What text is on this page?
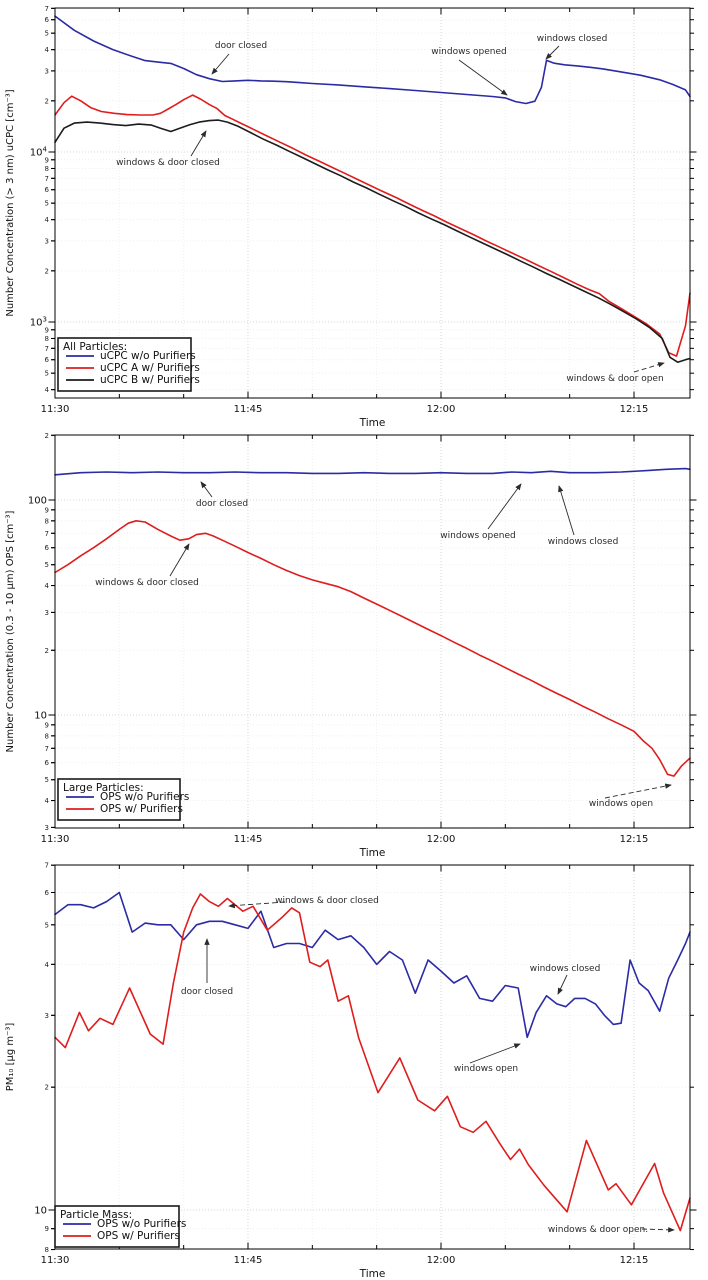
4
5
6
7
8
9
2
3
4
5
6
7
8
9
2
3
4
5
6
7
$10^4$
$10^3$
11:30	11:45	12:00	12:15
Time
Number Concentration (> 3 nm) uCPC [cm⁻³]
door closed
windows & door closed
windows opened
windows closed
windows & door open
All Particles:
uCPC w/o Purifiers
uCPC A w/ Purifiers
uCPC B w/ Purifiers
3
4
5
6
7
8
9
2
3
4
5
6
7
8
9
2
100
10
11:30	11:45	12:00	12:15
Time
Number Concentration (0.3 - 10 µm) OPS [cm⁻³]
door closed
windows & door closed
windows opened
windows closed
windows open
Large Particles:
OPS w/o Purifiers
OPS w/ Purifiers
8
9
2
3
4
5
6
7
10
11:30	11:45	12:00	12:15
Time
PM₁₀ [µg m⁻³]
windows & door closed
door closed
windows closed
windows open
windows & door open.
Particle Mass:
OPS w/o Purifiers
OPS w/ Purifiers
